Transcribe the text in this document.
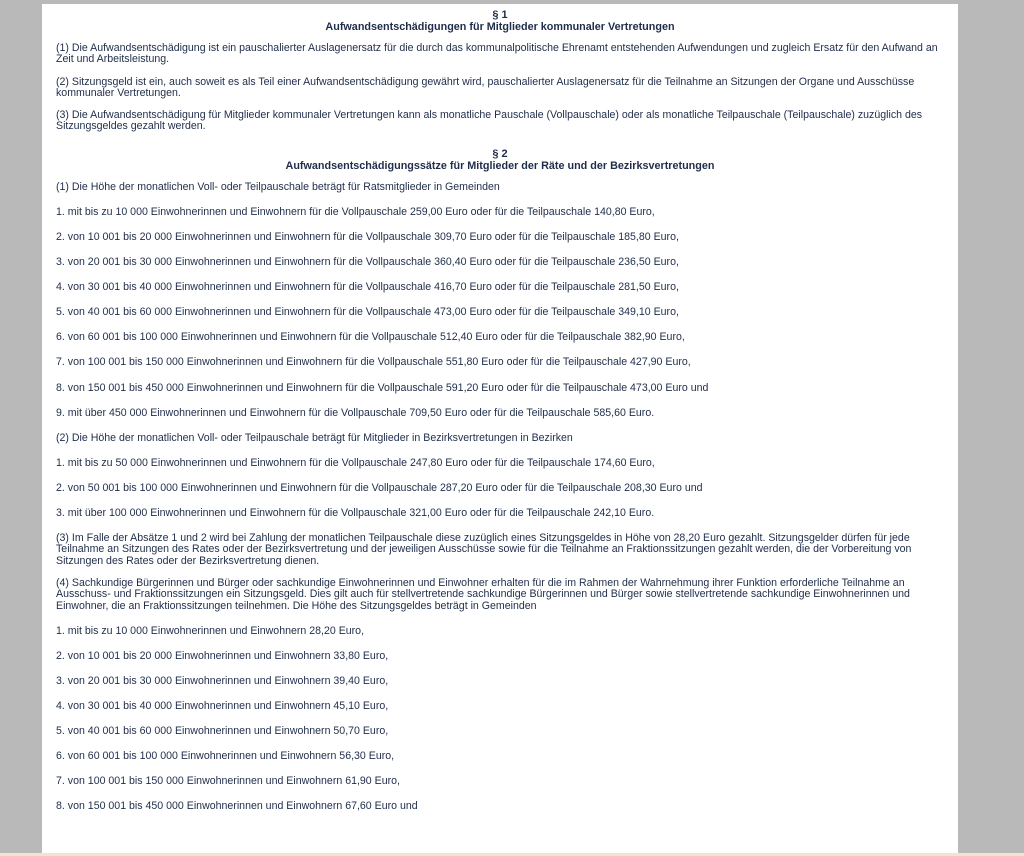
§ 1
Aufwandsentschädigungen für Mitglieder kommunaler Vertretungen

(1) Die Aufwandsentschädigung ist ein pauschalierter Auslagenersatz für die durch das kommunalpolitische Ehrenamt entstehenden Aufwendungen und zugleich Ersatz für den Aufwand an Zeit und Arbeitsleistung.

(2) Sitzungsgeld ist ein, auch soweit es als Teil einer Aufwandsentschädigung gewährt wird, pauschalierter Auslagenersatz für die Teilnahme an Sitzungen der Organe und Ausschüsse kommunaler Vertretungen.

(3) Die Aufwandsentschädigung für Mitglieder kommunaler Vertretungen kann als monatliche Pauschale (Vollpauschale) oder als monatliche Teilpauschale (Teilpauschale) zuzüglich des Sitzungsgeldes gezahlt werden.

§ 2
Aufwandsentschädigungssätze für Mitglieder der Räte und der Bezirksvertretungen
(1) Die Höhe der monatlichen Voll- oder Teilpauschale beträgt für Ratsmitglieder in Gemeinden
1. mit bis zu 10 000 Einwohnerinnen und Einwohnern für die Vollpauschale 259,00 Euro oder für die Teilpauschale 140,80 Euro,
2. von 10 001 bis 20 000 Einwohnerinnen und Einwohnern für die Vollpauschale 309,70 Euro oder für die Teilpauschale 185,80 Euro,
3. von 20 001 bis 30 000 Einwohnerinnen und Einwohnern für die Vollpauschale 360,40 Euro oder für die Teilpauschale 236,50 Euro,
4. von 30 001 bis 40 000 Einwohnerinnen und Einwohnern für die Vollpauschale 416,70 Euro oder für die Teilpauschale 281,50 Euro,
5. von 40 001 bis 60 000 Einwohnerinnen und Einwohnern für die Vollpauschale 473,00 Euro oder für die Teilpauschale 349,10 Euro,
6. von 60 001 bis 100 000 Einwohnerinnen und Einwohnern für die Vollpauschale 512,40 Euro oder für die Teilpauschale 382,90 Euro,
7. von 100 001 bis 150 000 Einwohnerinnen und Einwohnern für die Vollpauschale 551,80 Euro oder für die Teilpauschale 427,90 Euro,
8. von 150 001 bis 450 000 Einwohnerinnen und Einwohnern für die Vollpauschale 591,20 Euro oder für die Teilpauschale 473,00 Euro und
9. mit über 450 000 Einwohnerinnen und Einwohnern für die Vollpauschale 709,50 Euro oder für die Teilpauschale 585,60 Euro.
(2) Die Höhe der monatlichen Voll- oder Teilpauschale beträgt für Mitglieder in Bezirksvertretungen in Bezirken
1. mit bis zu 50 000 Einwohnerinnen und Einwohnern für die Vollpauschale 247,80 Euro oder für die Teilpauschale 174,60 Euro,
2. von 50 001 bis 100 000 Einwohnerinnen und Einwohnern für die Vollpauschale 287,20 Euro oder für die Teilpauschale 208,30 Euro und
3. mit über 100 000 Einwohnerinnen und Einwohnern für die Vollpauschale 321,00 Euro oder für die Teilpauschale 242,10 Euro.

(3) Im Falle der Absätze 1 und 2 wird bei Zahlung der monatlichen Teilpauschale diese zuzüglich eines Sitzungsgeldes in Höhe von 28,20 Euro gezahlt. Sitzungsgelder dürfen für jede Teilnahme an Sitzungen des Rates oder der Bezirksvertretung und der jeweiligen Ausschüsse sowie für die Teilnahme an Fraktionssitzungen gezahlt werden, die der Vorbereitung von Sitzungen des Rates oder der Bezirksvertretung dienen.

(4) Sachkundige Bürgerinnen und Bürger oder sachkundige Einwohnerinnen und Einwohner erhalten für die im Rahmen der Wahrnehmung ihrer Funktion erforderliche Teilnahme an Ausschuss- und Fraktionssitzungen ein Sitzungsgeld. Dies gilt auch für stellvertretende sachkundige Bürgerinnen und Bürger sowie stellvertretende sachkundige Einwohnerinnen und Einwohner, die an Fraktionssitzungen teilnehmen. Die Höhe des Sitzungsgeldes beträgt in Gemeinden
1. mit bis zu 10 000 Einwohnerinnen und Einwohnern 28,20 Euro,
2. von 10 001 bis 20 000 Einwohnerinnen und Einwohnern 33,80 Euro,
3. von 20 001 bis 30 000 Einwohnerinnen und Einwohnern 39,40 Euro,
4. von 30 001 bis 40 000 Einwohnerinnen und Einwohnern 45,10 Euro,
5. von 40 001 bis 60 000 Einwohnerinnen und Einwohnern 50,70 Euro,
6. von 60 001 bis 100 000 Einwohnerinnen und Einwohnern 56,30 Euro,
7. von 100 001 bis 150 000 Einwohnerinnen und Einwohnern 61,90 Euro,
8. von 150 001 bis 450 000 Einwohnerinnen und Einwohnern 67,60 Euro und
